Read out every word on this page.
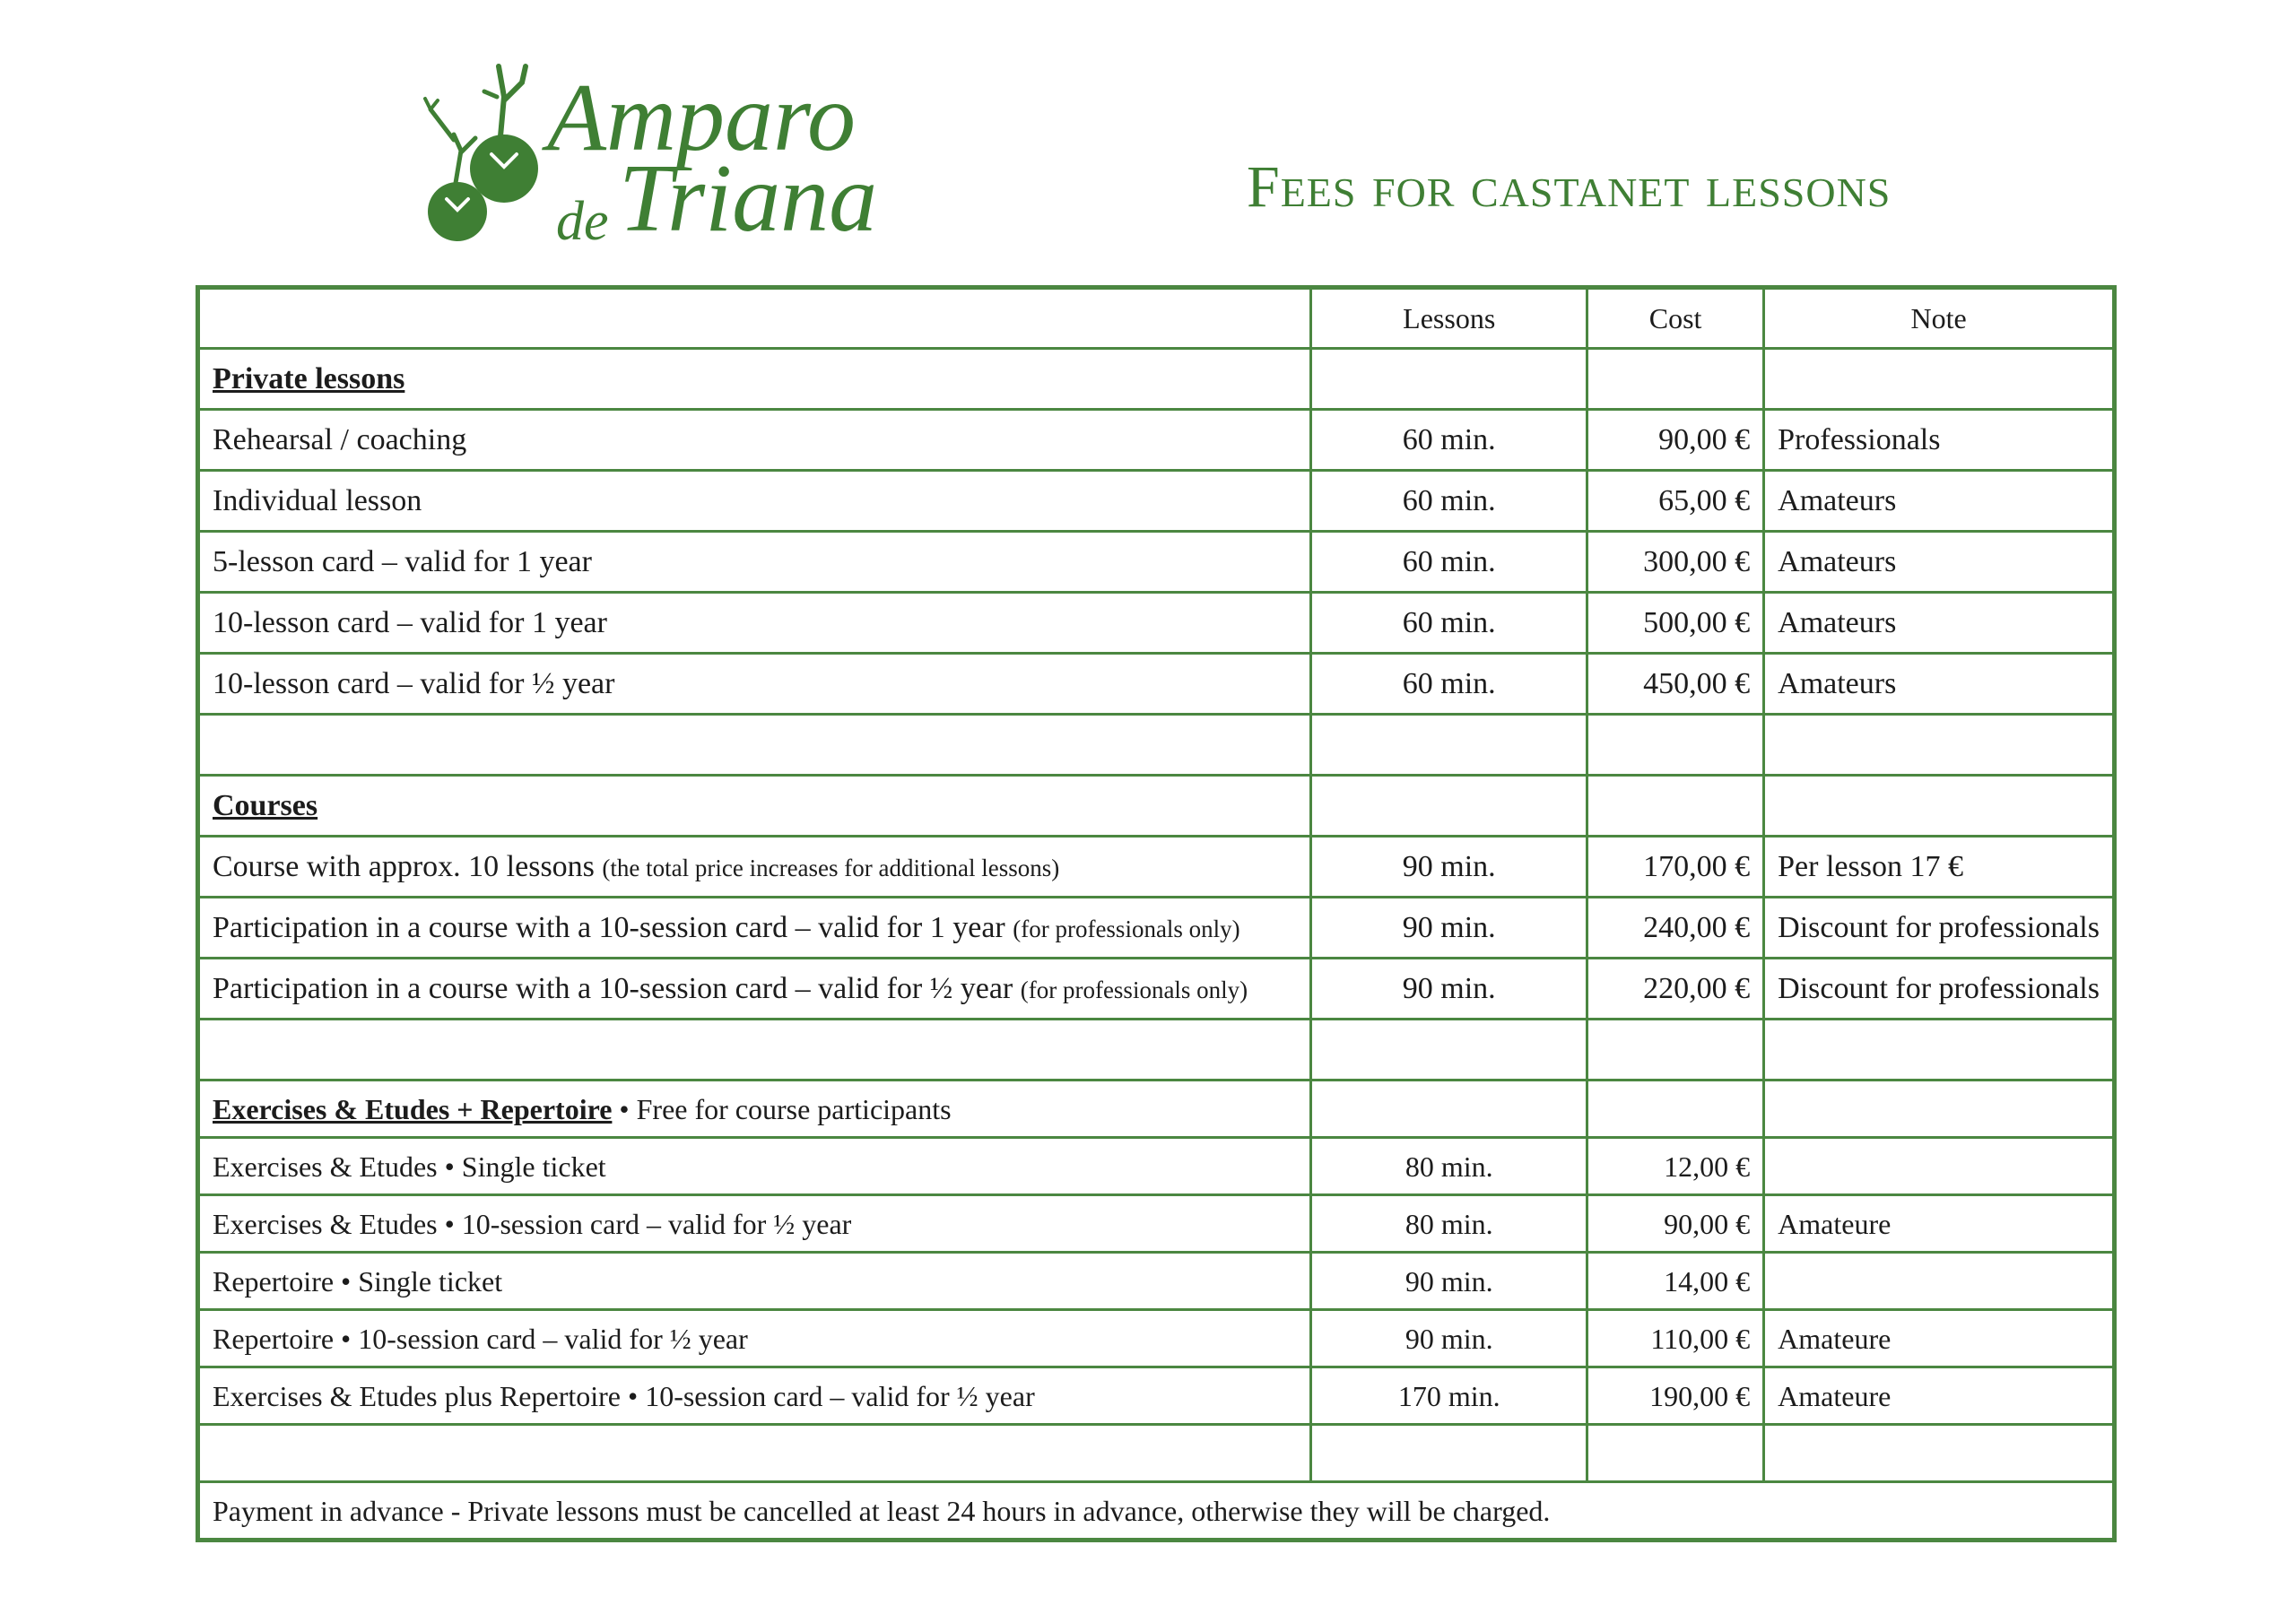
Amparo
de Triana	Fees for castanet lessons
	Lessons	Cost	Note
Private lessons			
Rehearsal / coaching	60 min.	90,00 €	Professionals
Individual lesson	60 min.	65,00 €	Amateurs
5-lesson card – valid for 1 year	60 min.	300,00 €	Amateurs
10-lesson card – valid for 1 year	60 min.	500,00 €	Amateurs
10-lesson card – valid for ½ year	60 min.	450,00 €	Amateurs

Courses			
Course with approx. 10 lessons (the total price increases for additional lessons)	90 min.	170,00 €	Per lesson 17 €
Participation in a course with a 10-session card – valid for 1 year (for professionals only)	90 min.	240,00 €	Discount for professionals
Participation in a course with a 10-session card – valid for ½ year (for professionals only)	90 min.	220,00 €	Discount for professionals

Exercises & Etudes + Repertoire • Free for course participants			
Exercises & Etudes • Single ticket	80 min.	12,00 €	
Exercises & Etudes • 10-session card – valid for ½ year	80 min.	90,00 €	Amateure
Repertoire • Single ticket	90 min.	14,00 €	
Repertoire • 10-session card – valid for ½ year	90 min.	110,00 €	Amateure
Exercises & Etudes plus Repertoire • 10-session card – valid for ½ year	170 min.	190,00 €	Amateure

Payment in advance - Private lessons must be cancelled at least 24 hours in advance, otherwise they will be charged.			
